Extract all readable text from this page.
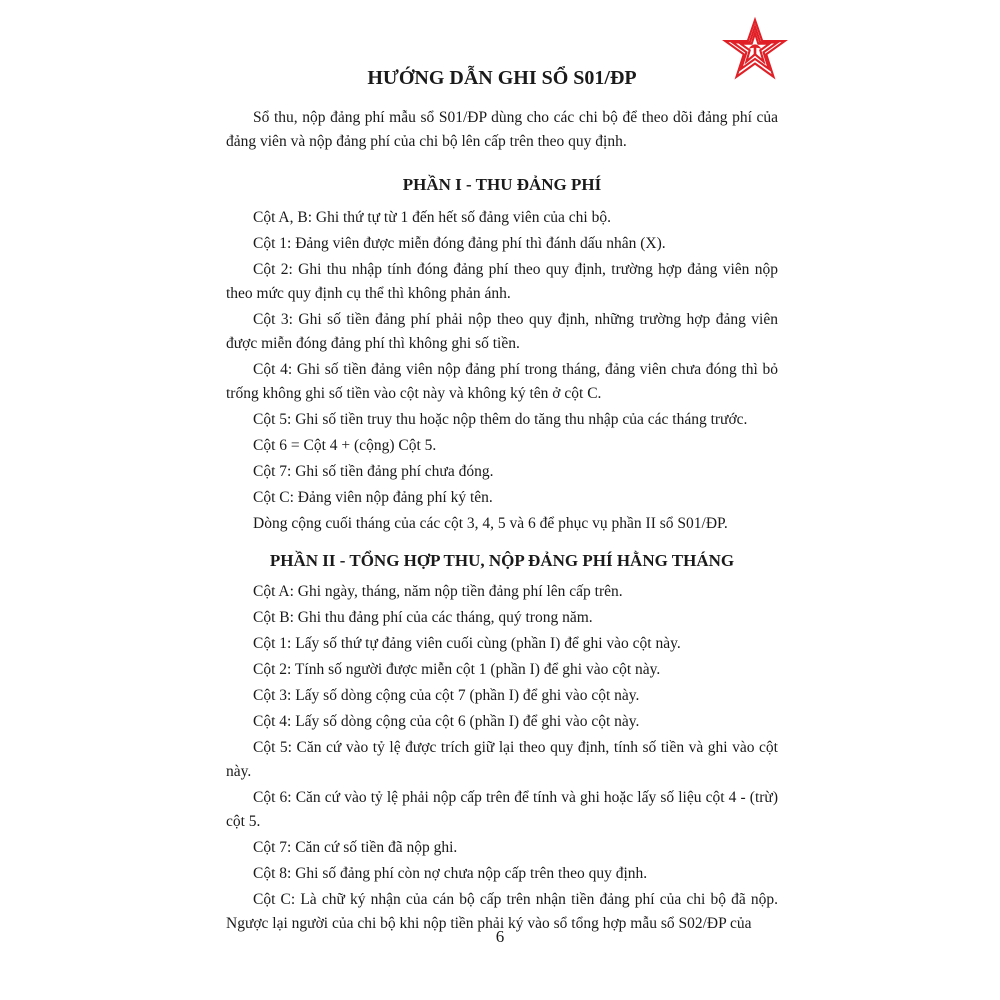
HƯỚNG DẪN GHI SỔ S01/ĐP

Sổ thu, nộp đảng phí mẫu sổ S01/ĐP dùng cho các chi bộ để theo dõi đảng phí của đảng viên và nộp đảng phí của chi bộ lên cấp trên theo quy định.

PHẦN I - THU ĐẢNG PHÍ

Cột A, B: Ghi thứ tự từ 1 đến hết số đảng viên của chi bộ.

Cột 1: Đảng viên được miễn đóng đảng phí thì đánh dấu nhân (X).

Cột 2: Ghi thu nhập tính đóng đảng phí theo quy định, trường hợp đảng viên nộp theo mức quy định cụ thể thì không phản ánh.

Cột 3: Ghi số tiền đảng phí phải nộp theo quy định, những trường hợp đảng viên được miễn đóng đảng phí thì không ghi số tiền.

Cột 4: Ghi số tiền đảng viên nộp đảng phí trong tháng, đảng viên chưa đóng thì bỏ trống không ghi số tiền vào cột này và không ký tên ở cột C.

Cột 5: Ghi số tiền truy thu hoặc nộp thêm do tăng thu nhập của các tháng trước.

Cột 6 = Cột 4 + (cộng) Cột 5.

Cột 7: Ghi số tiền đảng phí chưa đóng.

Cột C: Đảng viên nộp đảng phí ký tên.

Dòng cộng cuối tháng của các cột 3, 4, 5 và 6 để phục vụ phần II sổ S01/ĐP.

PHẦN II - TỔNG HỢP THU, NỘP ĐẢNG PHÍ HẰNG THÁNG

Cột A: Ghi ngày, tháng, năm nộp tiền đảng phí lên cấp trên.

Cột B: Ghi thu đảng phí của các tháng, quý trong năm.

Cột 1: Lấy số thứ tự đảng viên cuối cùng (phần I) để ghi vào cột này.

Cột 2: Tính số người được miễn cột 1 (phần I) để ghi vào cột này.

Cột 3: Lấy số dòng cộng của cột 7 (phần I) để ghi vào cột này.

Cột 4: Lấy số dòng cộng của cột 6 (phần I) để ghi vào cột này.

Cột 5: Căn cứ vào tỷ lệ được trích giữ lại theo quy định, tính số tiền và ghi vào cột này.

Cột 6: Căn cứ vào tỷ lệ phải nộp cấp trên để tính và ghi hoặc lấy số liệu cột 4 - (trừ) cột 5.

Cột 7: Căn cứ số tiền đã nộp ghi.

Cột 8: Ghi số đảng phí còn nợ chưa nộp cấp trên theo quy định.

Cột C: Là chữ ký nhận của cán bộ cấp trên nhận tiền đảng phí của chi bộ đã nộp. Ngược lại người của chi bộ khi nộp tiền phải ký vào sổ tổng hợp mẫu sổ S02/ĐP của

6
